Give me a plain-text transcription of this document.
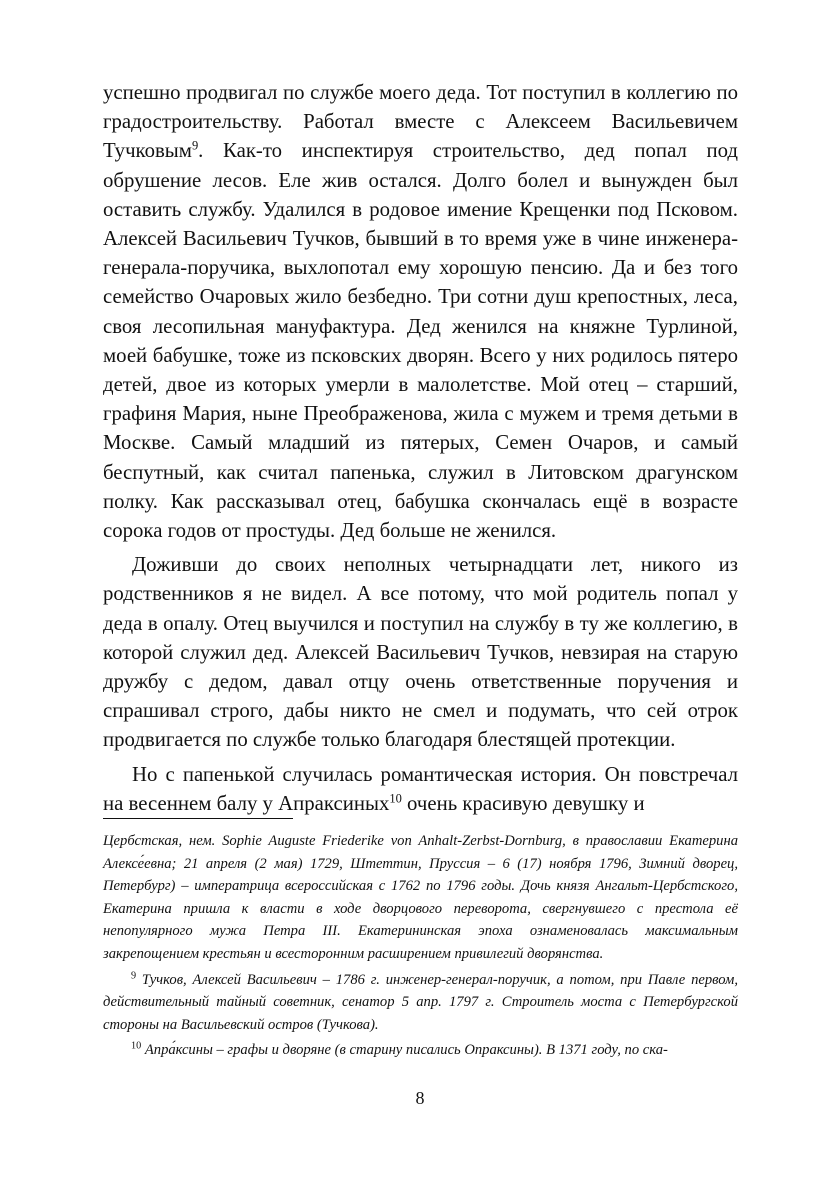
успешно продвигал по службе моего деда. Тот поступил в коллегию по градостроительству. Работал вместе с Алексеем Васильевичем Тучковым$^9$. Как-то инспектируя строительство, дед попал под обрушение лесов. Еле жив остался. Долго болел и вынужден был оставить службу. Удалился в родовое имение Крещенки под Псковом. Алексей Васильевич Тучков, бывший в то время уже в чине инженера-генерала-поручика, выхлопотал ему хорошую пенсию. Да и без того семейство Очаровых жило безбедно. Три сотни душ крепостных, леса, своя лесопильная мануфактура. Дед женился на княжне Турлиной, моей бабушке, тоже из псковских дворян. Всего у них родилось пятеро детей, двое из которых умерли в малолетстве. Мой отец – старший, графиня Мария, ныне Преображенова, жила с мужем и тремя детьми в Москве. Самый младший из пятерых, Семен Очаров, и самый беспутный, как считал папенька, служил в Литовском драгунском полку. Как рассказывал отец, бабушка скончалась ещё в возрасте сорока годов от простуды. Дед больше не женился.

Доживши до своих неполных четырнадцати лет, никого из родственников я не видел. А все потому, что мой родитель попал у деда в опалу. Отец выучился и поступил на службу в ту же коллегию, в которой служил дед. Алексей Васильевич Тучков, невзирая на старую дружбу с дедом, давал отцу очень ответственные поручения и спрашивал строго, дабы никто не смел и подумать, что сей отрок продвигается по службе только благодаря блестящей протекции.

Но с папенькой случилась романтическая история. Он повстречал на весеннем балу у Апраксиных$^{10}$ очень красивую девушку и

Цербстская, нем. Sophie Auguste Friederike von Anhalt-Zerbst-Dornburg, в православии Екатерина Алексе́евна; 21 апреля (2 мая) 1729, Штеттин, Пруссия – 6 (17) ноября 1796, Зимний дворец, Петербург) – императрица всероссийская с 1762 по 1796 годы. Дочь князя Ангальт-Цербстского, Екатерина пришла к власти в ходе дворцового переворота, свергнувшего с престола её непопулярного мужа Петра III. Екатерининская эпоха ознаменовалась максимальным закрепощением крестьян и всесторонним расширением привилегий дворянства.

$^9$ Тучков, Алексей Васильевич – 1786 г. инженер-генерал-поручик, а потом, при Павле первом, действительный тайный советник, сенатор 5 апр. 1797 г. Строитель моста с Петербургской стороны на Васильевский остров (Тучкова).

$^{10}$ Апра́ксины – графы и дворяне (в старину писались Опраксины). В 1371 году, по ска-

8
